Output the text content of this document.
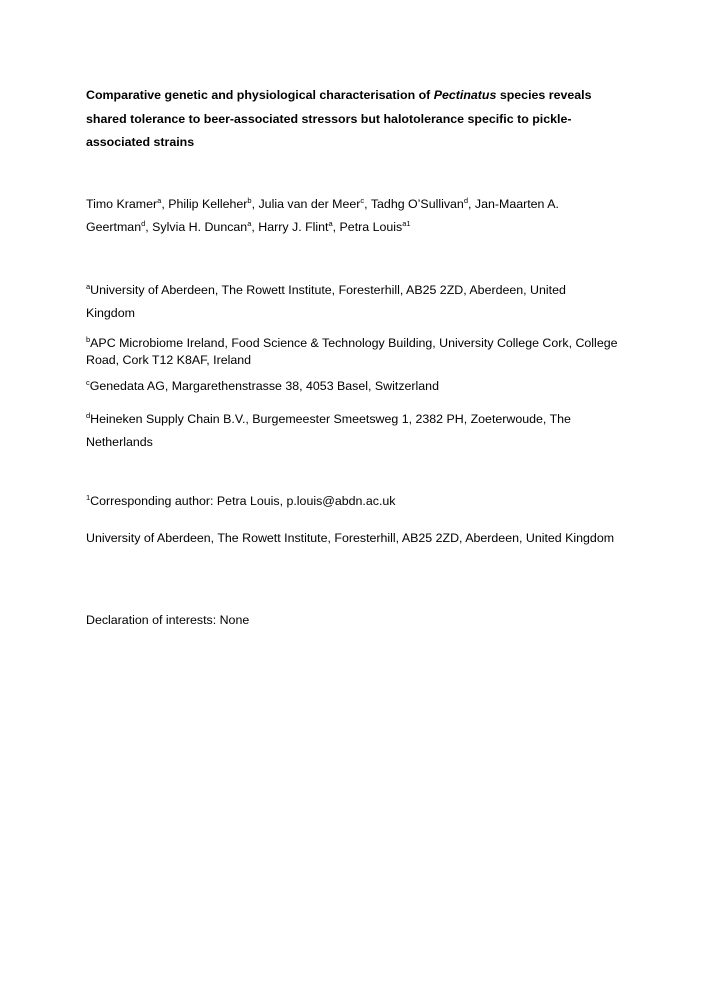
Comparative genetic and physiological characterisation of Pectinatus species reveals shared tolerance to beer-associated stressors but halotolerance specific to pickle-associated strains
Timo Kramer$^a$, Philip Kelleher$^b$, Julia van der Meer$^c$, Tadhg O’Sullivan$^d$, Jan-Maarten A. Geertman$^d$, Sylvia H. Duncan$^a$, Harry J. Flint$^a$, Petra Louis$^{a1}$
$^a$University of Aberdeen, The Rowett Institute, Foresterhill, AB25 2ZD, Aberdeen, United Kingdom
$^b$APC Microbiome Ireland, Food Science & Technology Building, University College Cork, College Road, Cork T12 K8AF, Ireland
$^c$Genedata AG, Margarethenstrasse 38, 4053 Basel, Switzerland
$^d$Heineken Supply Chain B.V., Burgemeester Smeetsweg 1, 2382 PH, Zoeterwoude, The Netherlands
$^1$Corresponding author: Petra Louis, p.louis@abdn.ac.uk
University of Aberdeen, The Rowett Institute, Foresterhill, AB25 2ZD, Aberdeen, United Kingdom
Declaration of interests: None
